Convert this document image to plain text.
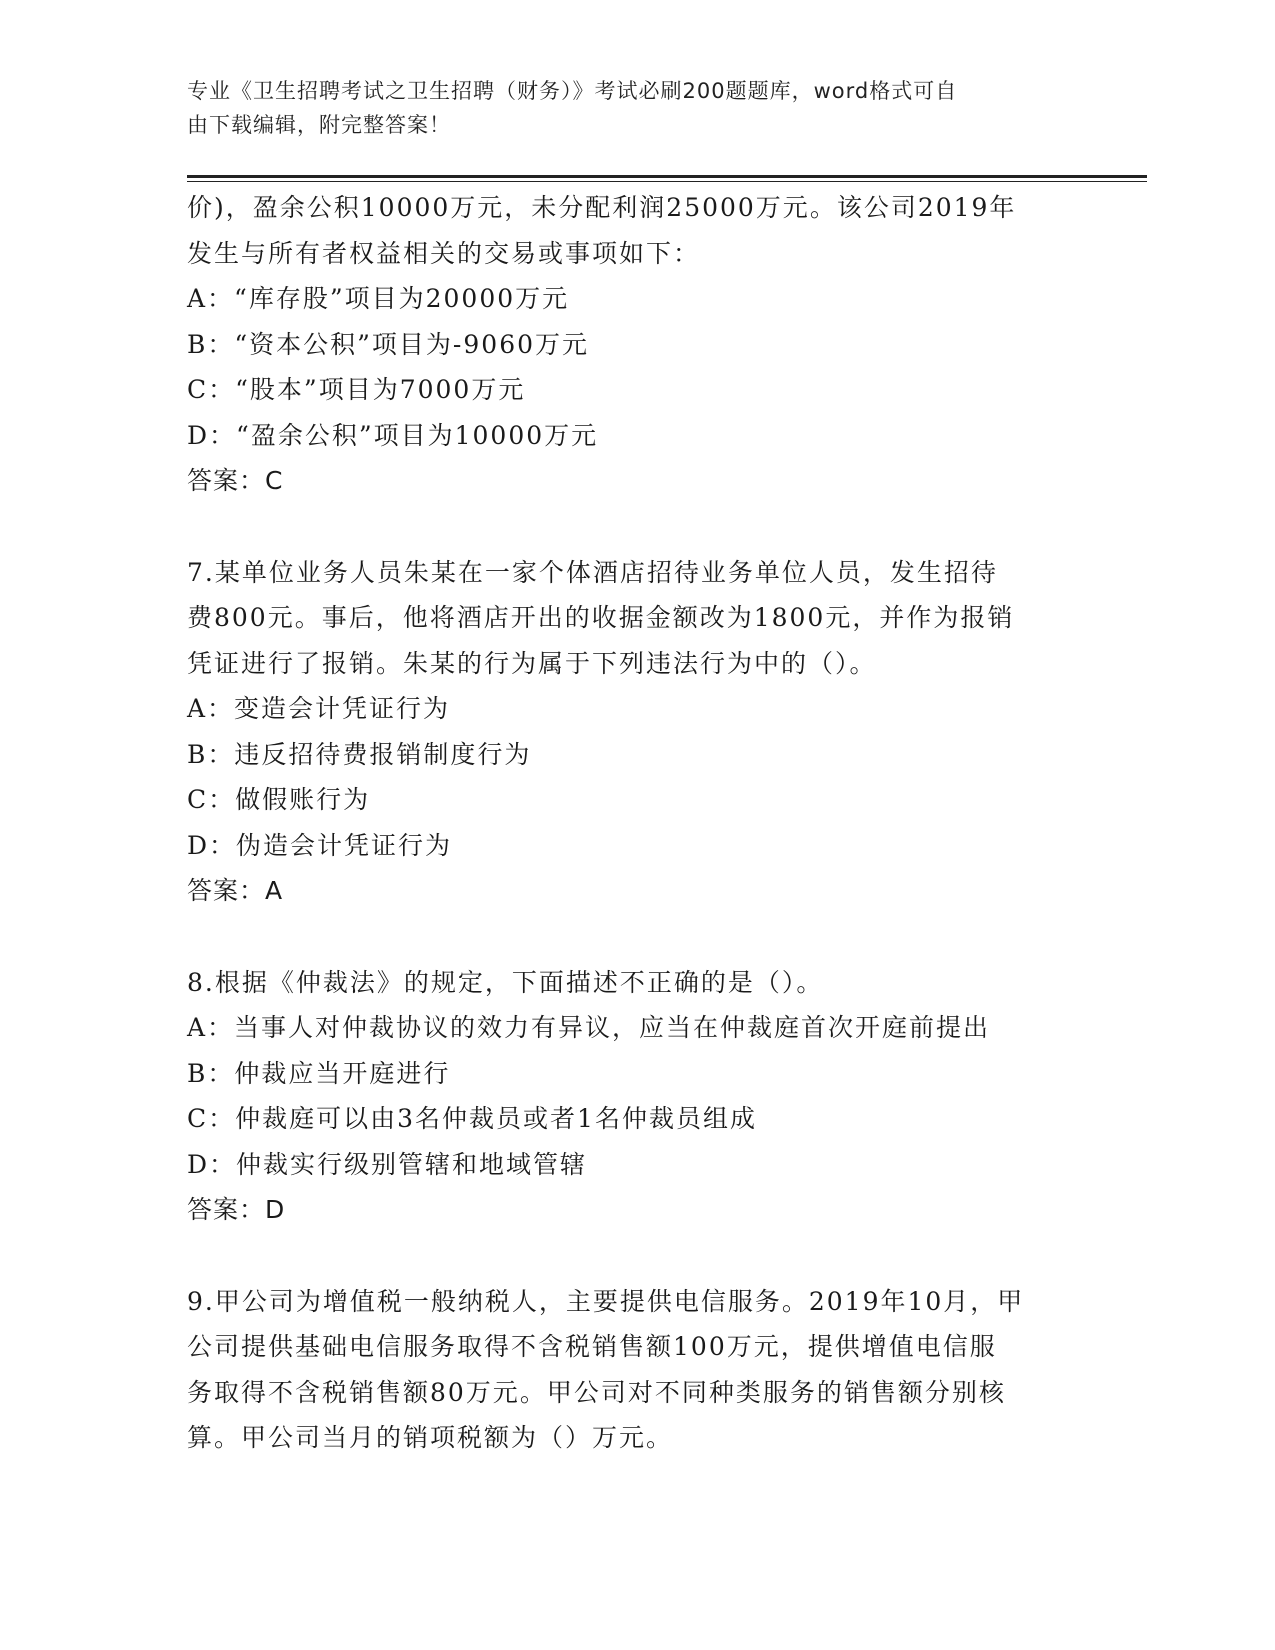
专业《卫生招聘考试之卫生招聘（财务）》考试必刷200题题库，word格式可自
由下载编辑，附完整答案！
价)，盈余公积10000万元，未分配利润25000万元。该公司2019年
发生与所有者权益相关的交易或事项如下：
A：“库存股”项目为20000万元
B：“资本公积”项目为-9060万元
C：“股本”项目为7000万元
D：“盈余公积”项目为10000万元
答案：C
7.某单位业务人员朱某在一家个体酒店招待业务单位人员，发生招待
费800元。事后，他将酒店开出的收据金额改为1800元，并作为报销
凭证进行了报销。朱某的行为属于下列违法行为中的（）。
A：变造会计凭证行为
B：违反招待费报销制度行为
C：做假账行为
D：伪造会计凭证行为
答案：A
8.根据《仲裁法》的规定，下面描述不正确的是（）。
A：当事人对仲裁协议的效力有异议，应当在仲裁庭首次开庭前提出
B：仲裁应当开庭进行
C：仲裁庭可以由3名仲裁员或者1名仲裁员组成
D：仲裁实行级别管辖和地域管辖
答案：D
9.甲公司为增值税一般纳税人，主要提供电信服务。2019年10月，甲
公司提供基础电信服务取得不含税销售额100万元，提供增值电信服
务取得不含税销售额80万元。甲公司对不同种类服务的销售额分别核
算。甲公司当月的销项税额为（）万元。
